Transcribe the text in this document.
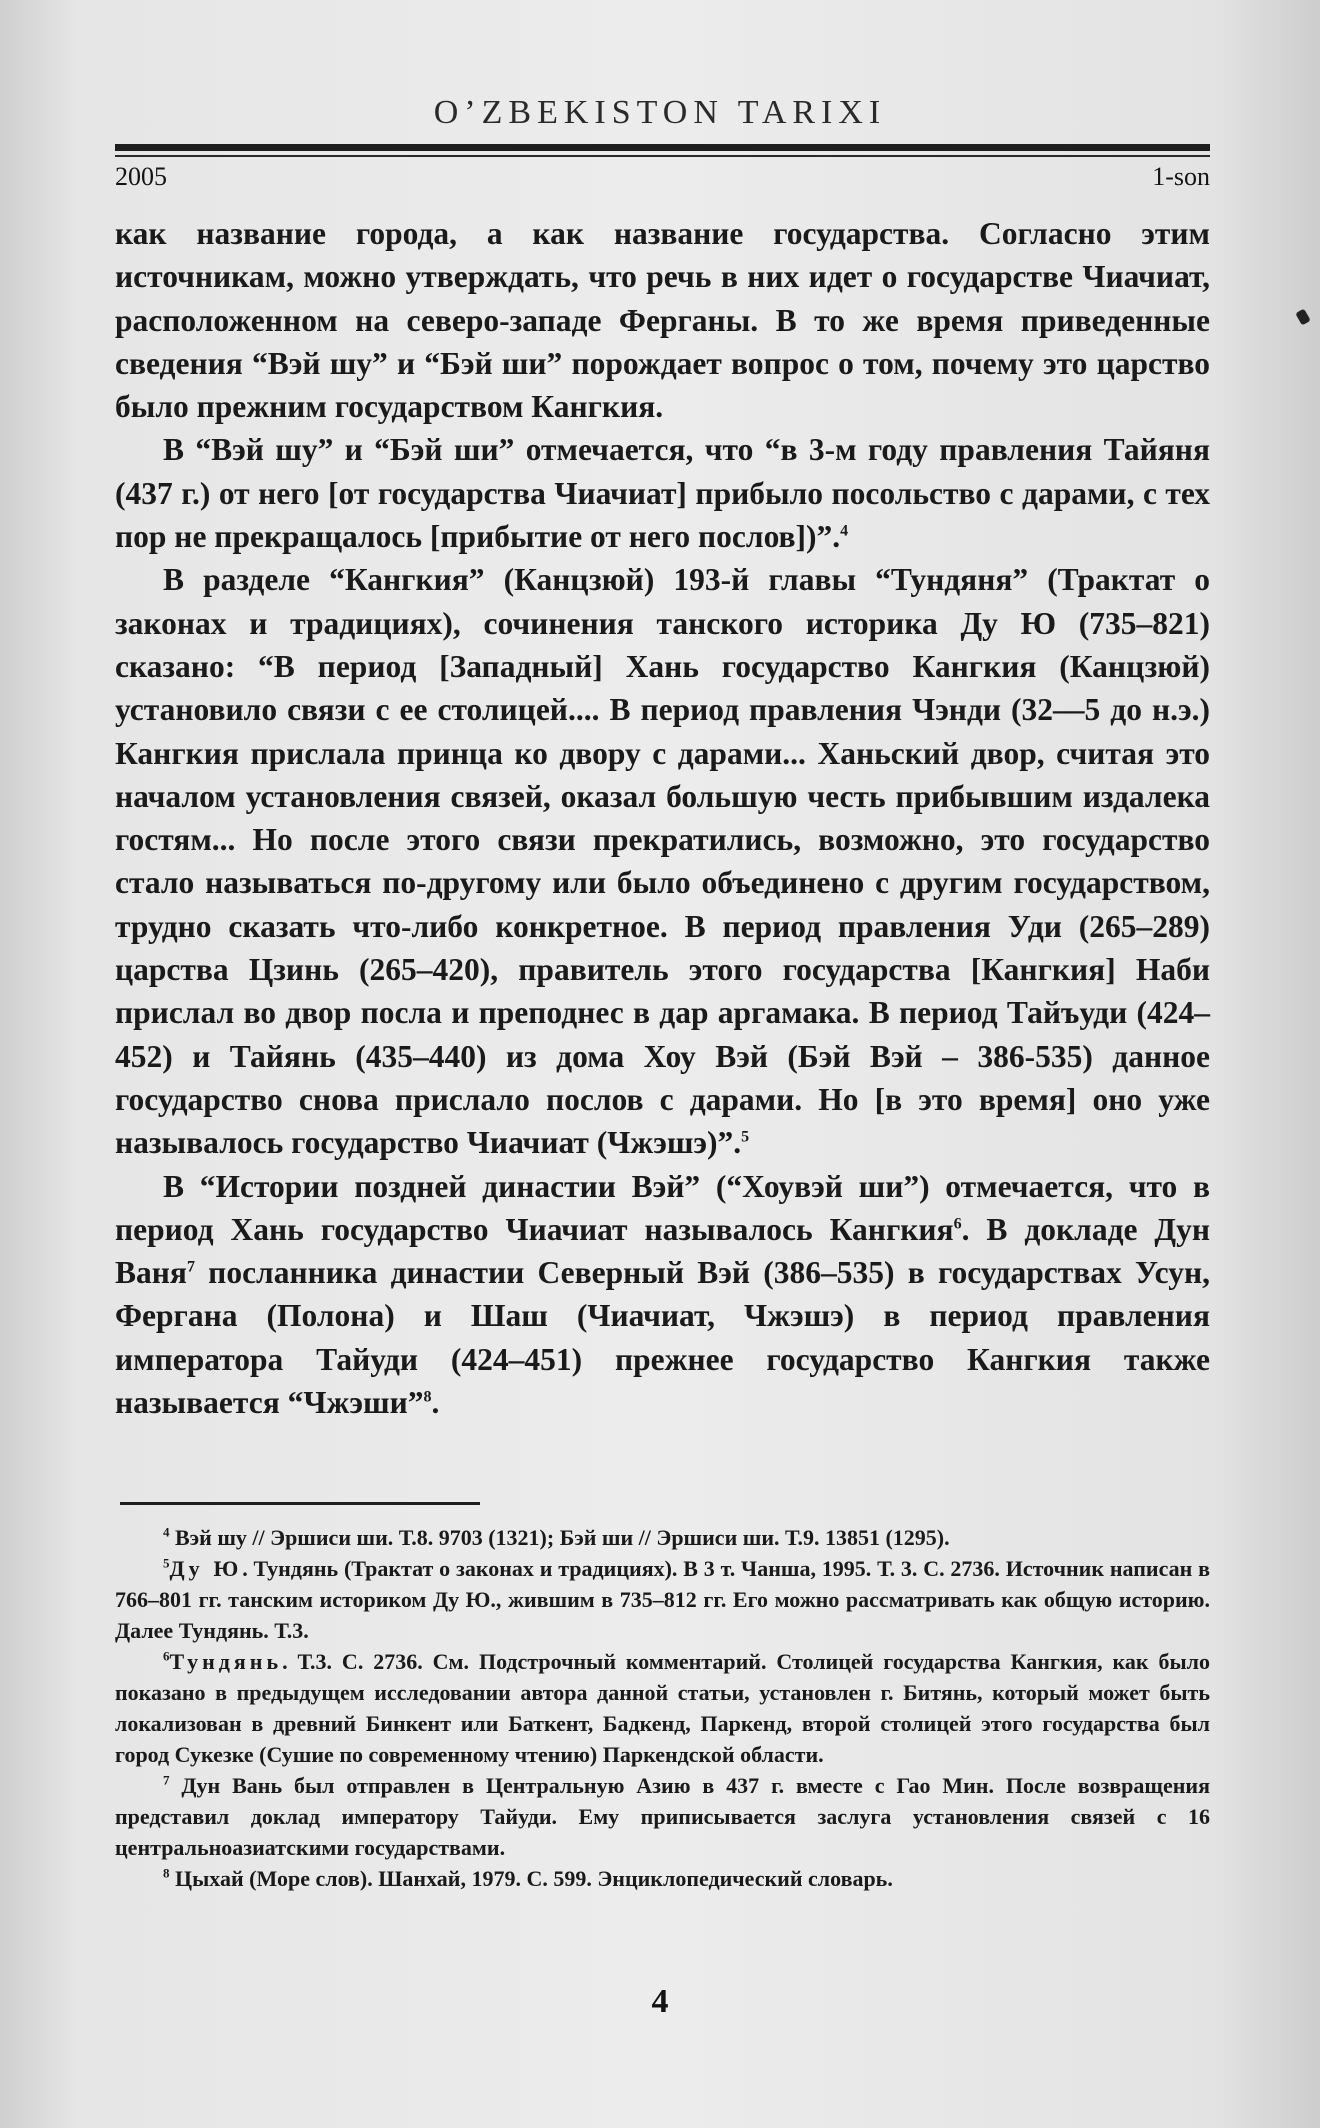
O’ZBEKISTON TARIXI
2005	1-son

как название города, а как название государства. Согласно этим источникам, можно утверждать, что речь в них идет о государстве Чиачиат, расположенном на северо-западе Ферганы. В то же время приведенные сведения “Вэй шу” и “Бэй ши” порождает вопрос о том, почему это царство было прежним государством Кангкия.

В “Вэй шу” и “Бэй ши” отмечается, что “в 3-м году правления Тайяня (437 г.) от него [от государства Чиачиат] прибыло посольство с дарами, с тех пор не прекращалось [прибытие от него послов])”.$^4$

В разделе “Кангкия” (Канцзюй) 193-й главы “Тундяня” (Трактат о законах и традициях), сочинения танского историка Ду Ю (735–821) сказано: “В период [Западный] Хань государство Кангкия (Канцзюй) установило связи с ее столицей.... В период правления Чэнди (32—5 до н.э.) Кангкия прислала принца ко двору с дарами... Ханьский двор, считая это началом установления связей, оказал большую честь прибывшим издалека гостям... Но после этого связи прекратились, возможно, это государство стало называться по-другому или было объединено с другим государством, трудно сказать что-либо конкретное. В период правления Уди (265–289) царства Цзинь (265–420), правитель этого государства [Кангкия] Наби прислал во двор посла и преподнес в дар аргамака. В период Тайъуди (424–452) и Тайянь (435–440) из дома Хоу Вэй (Бэй Вэй – 386-535) данное государство снова прислало послов с дарами. Но [в это время] оно уже называлось государство Чиачиат (Чжэшэ)”.$^5$

В “Истории поздней династии Вэй” (“Хоувэй ши”) отмечается, что в период Хань государство Чиачиат называлось Кангкия$^6$. В докладе Дун Ваня$^7$ посланника династии Северный Вэй (386–535) в государствах Усун, Фергана (Полона) и Шаш (Чиачиат, Чжэшэ) в период правления императора Тайуди (424–451) прежнее государство Кангкия также называется “Чжэши”$^8$.

$^4$ Вэй шу // Эршиси ши. Т.8. 9703 (1321); Бэй ши // Эршиси ши. Т.9. 13851 (1295).

$^5$Ду Ю. Тундянь (Трактат о законах и традициях). В 3 т. Чанша, 1995. Т. 3. С. 2736. Источник написан в 766–801 гг. танским историком Ду Ю., жившим в 735–812 гг. Его можно рассматривать как общую историю. Далее Тундянь. Т.3.

$^6$Тундянь. Т.3. С. 2736. См. Подстрочный комментарий. Столицей государства Кангкия, как было показано в предыдущем исследовании автора данной статьи, установлен г. Битянь, который может быть локализован в древний Бинкент или Баткент, Бадкенд, Паркенд, второй столицей этого государства был город Сукезке (Сушие по современному чтению) Паркендской области.

$^7$ Дун Вань был отправлен в Центральную Азию в 437 г. вместе с Гао Мин. После возвращения представил доклад императору Тайуди. Ему приписывается заслуга установления связей с 16 центральноазиатскими государствами.

$^8$ Цыхай (Море слов). Шанхай, 1979. С. 599. Энциклопедический словарь.

4
